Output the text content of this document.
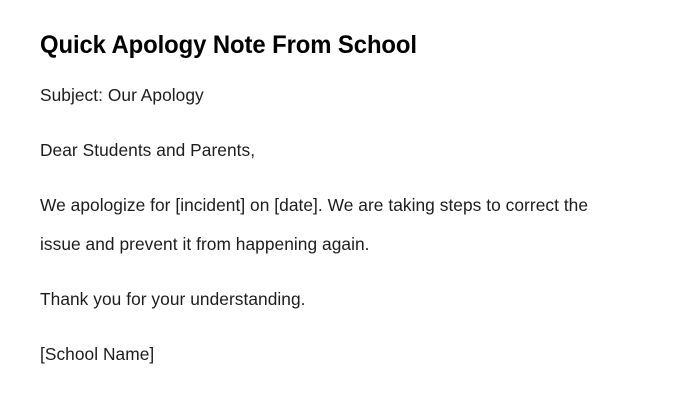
Quick Apology Note From School

Subject: Our Apology

Dear Students and Parents,

We apologize for [incident] on [date]. We are taking steps to correct the issue and prevent it from happening again.

Thank you for your understanding.

[School Name]
